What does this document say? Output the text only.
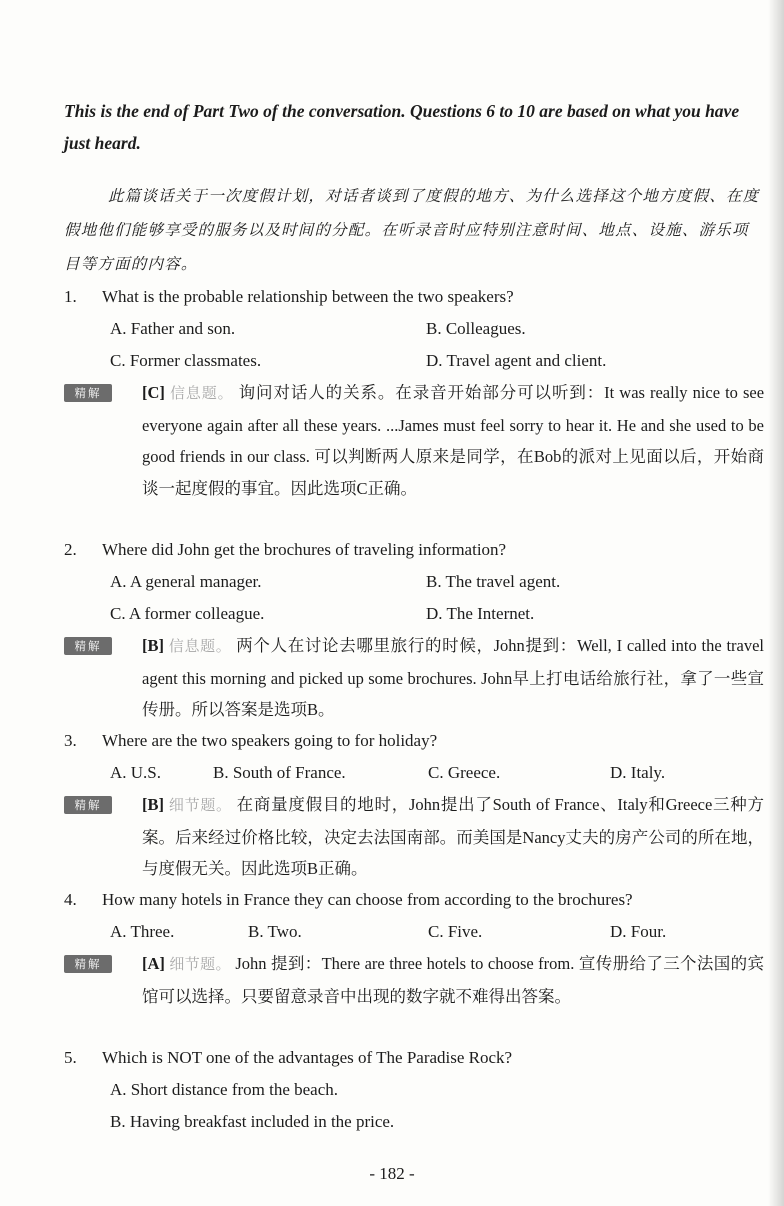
This is the end of Part Two of the conversation. Questions 6 to 10 are based on what you have just heard.
此篇谈话关于一次度假计划，对话者谈到了度假的地方、为什么选择这个地方度假、在度假地他们能够享受的服务以及时间的分配。在听录音时应特别注意时间、地点、设施、游乐项目等方面的内容。
1. What is the probable relationship between the two speakers?
A. Father and son.	B. Colleagues.
C. Former classmates.	D. Travel agent and client.
精解	[C] 信息题。 询问对话人的关系。在录音开始部分可以听到：It was really nice to see everyone again after all these years. ...James must feel sorry to hear it. He and she used to be good friends in our class. 可以判断两人原来是同学，在Bob的派对上见面以后，开始商谈一起度假的事宜。因此选项C正确。
2. Where did John get the brochures of traveling information?
A. A general manager.	B. The travel agent.
C. A former colleague.	D. The Internet.
精解	[B] 信息题。 两个人在讨论去哪里旅行的时候，John提到：Well, I called into the travel agent this morning and picked up some brochures. John早上打电话给旅行社，拿了一些宣传册。所以答案是选项B。
3. Where are the two speakers going to for holiday?
A. U.S.	B. South of France.	C. Greece.	D. Italy.
精解	[B] 细节题。 在商量度假目的地时，John提出了South of France、Italy和Greece三种方案。后来经过价格比较，决定去法国南部。而美国是Nancy丈夫的房产公司的所在地，与度假无关。因此选项B正确。
4. How many hotels in France they can choose from according to the brochures?
A. Three.	B. Two.	C. Five.	D. Four.
精解	[A] 细节题。 John 提到：There are three hotels to choose from. 宣传册给了三个法国的宾馆可以选择。只要留意录音中出现的数字就不难得出答案。
5. Which is NOT one of the advantages of The Paradise Rock?
A. Short distance from the beach.
B. Having breakfast included in the price.
- 182 -
